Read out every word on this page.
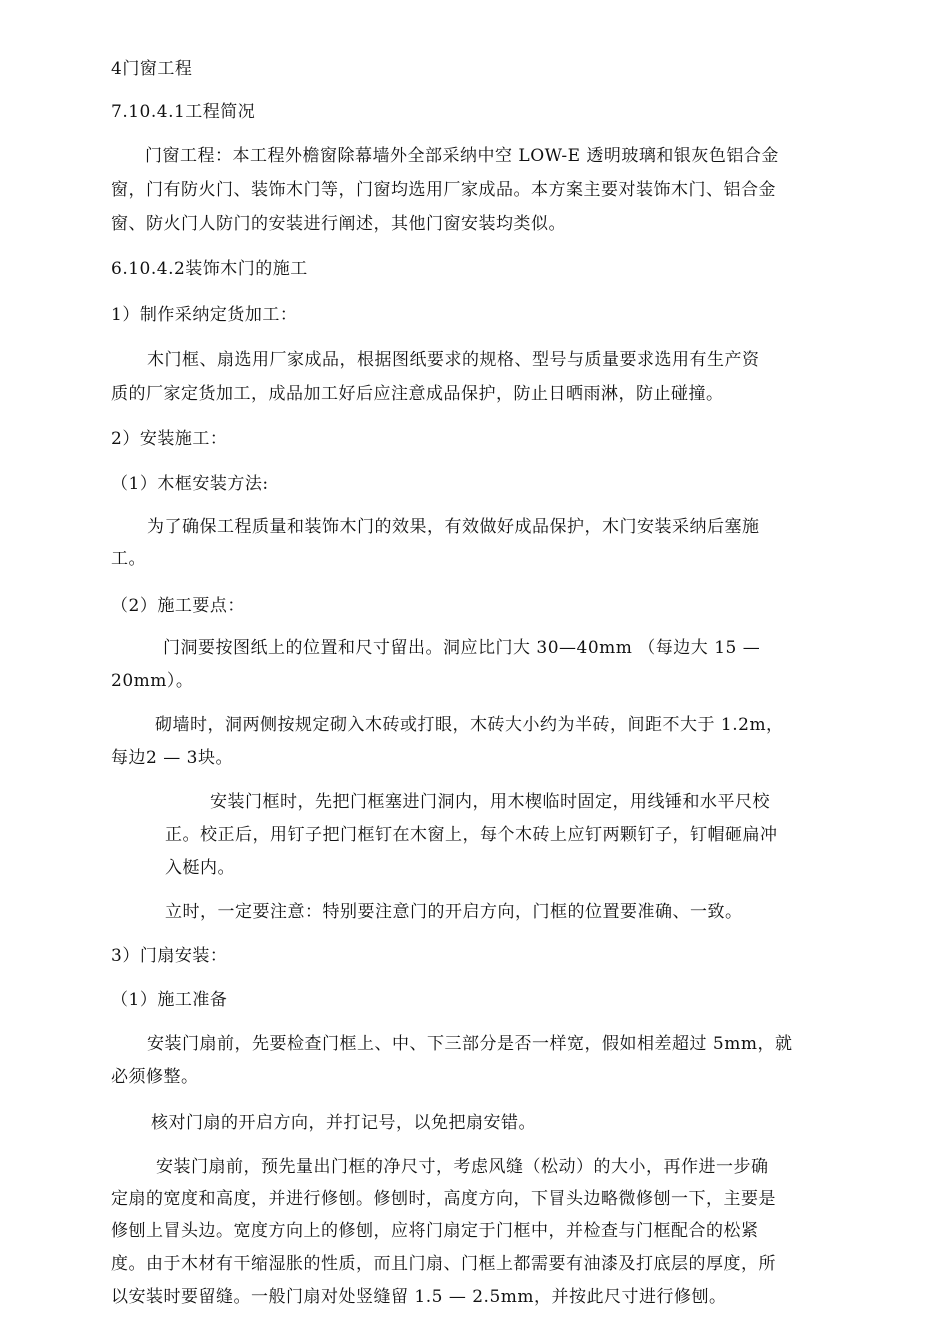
4门窗工程
7.10.4.1工程简况
门窗工程：本工程外檐窗除幕墙外全部采纳中空 LOW-E 透明玻璃和银灰色铝合金
窗，门有防火门、装饰木门等，门窗均选用厂家成品。本方案主要对装饰木门、铝合金
窗、防火门人防门的安装进行阐述，其他门窗安装均类似。
6.10.4.2装饰木门的施工
1）制作采纳定货加工：
木门框、扇选用厂家成品，根据图纸要求的规格、型号与质量要求选用有生产资
质的厂家定货加工，成品加工好后应注意成品保护，防止日晒雨淋，防止碰撞。
2）安装施工：
（1）木框安装方法:
为了确保工程质量和装饰木门的效果，有效做好成品保护，木门安装采纳后塞施
工。
（2）施工要点：
门洞要按图纸上的位置和尺寸留出。洞应比门大 30—40mm （每边大 15 —
20mm）。
砌墙时，洞两侧按规定砌入木砖或打眼，木砖大小约为半砖，间距不大于 1.2m，
每边2 — 3块。
安装门框时，先把门框塞进门洞内，用木楔临时固定，用线锤和水平尺校
正。校正后，用钉子把门框钉在木窗上，每个木砖上应钉两颗钉子，钉帽砸扁冲
入梃内。
立时，一定要注意：特别要注意门的开启方向，门框的位置要准确、一致。
3）门扇安装：
（1）施工准备
安装门扇前，先要检查门框上、中、下三部分是否一样宽，假如相差超过 5mm，就
必须修整。
核对门扇的开启方向，并打记号，以免把扇安错。
安装门扇前，预先量出门框的净尺寸，考虑风缝（松动）的大小，再作进一步确
定扇的宽度和高度，并进行修刨。修刨时，高度方向，下冒头边略微修刨一下，主要是
修刨上冒头边。宽度方向上的修刨，应将门扇定于门框中，并检查与门框配合的松紧
度。由于木材有干缩湿胀的性质，而且门扇、门框上都需要有油漆及打底层的厚度，所
以安装时要留缝。一般门扇对处竖缝留 1.5 — 2.5mm，并按此尺寸进行修刨。
